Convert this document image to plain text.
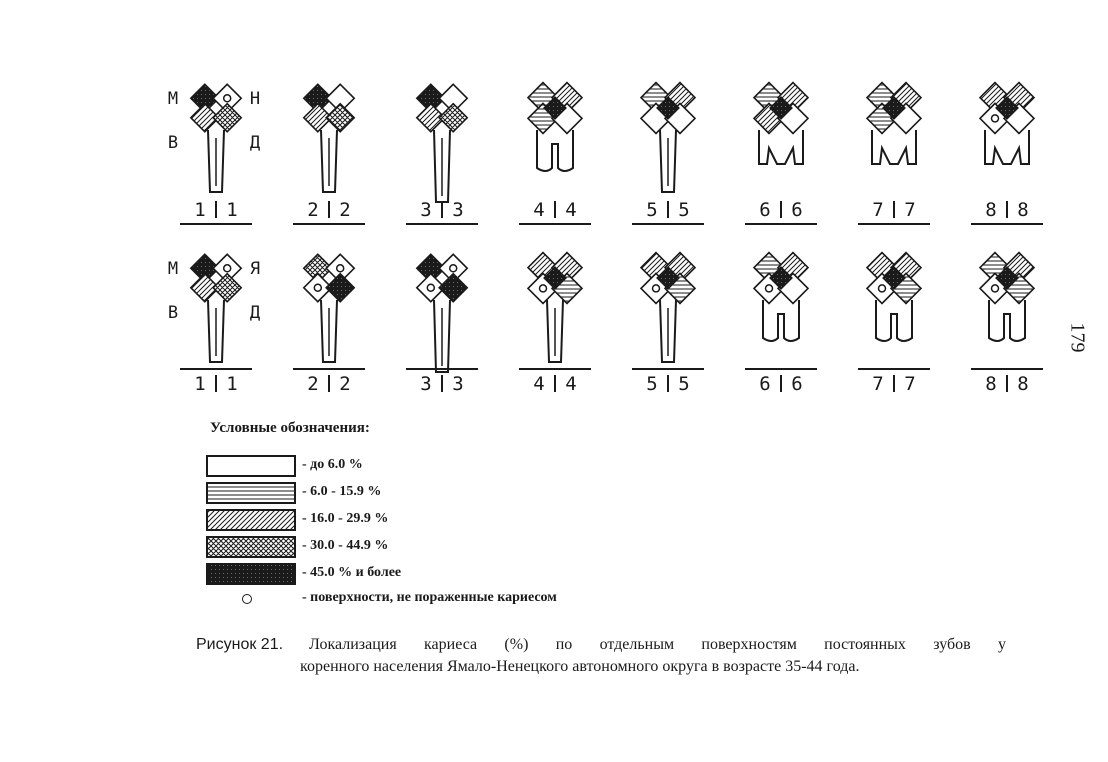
1 1	2 2	3 3	4 4	5 5	6 6	7 7	8 8
М	Н
В	Д
1 1	2 2	3 3	4 4	5 5	6 6	7 7	8 8
М	Я
В	Д
Условные обозначения:
- до 6.0 %
- 6.0 - 15.9 %
- 16.0 - 29.9 %
- 30.0 - 44.9 %
- 45.0 % и более
- поверхности, не пораженные кариесом
Рисунок 21. Локализация кариеса (%) по отдельным поверхностям постоянных зубов у
коренного населения Ямало-Ненецкого автономного округа в возрасте 35-44 года.
179
